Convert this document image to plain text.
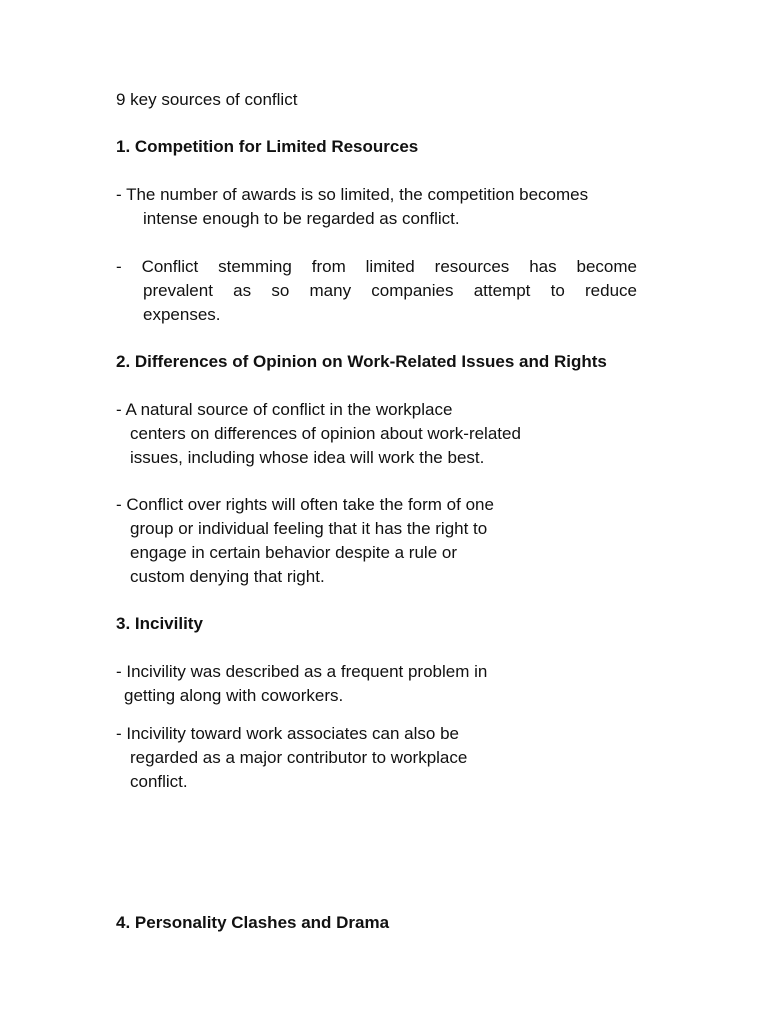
9 key sources of conflict
1. Competition for Limited Resources
- The number of awards is so limited, the competition becomes
intense enough to be regarded as conflict.
- Conflict stemming from limited resources has become
prevalent as so many companies attempt to reduce
expenses.
2. Differences of Opinion on Work-Related Issues and Rights
- A natural source of conflict in the workplace
centers on differences of opinion about work-related
issues, including whose idea will work the best.
- Conflict over rights will often take the form of one
group or individual feeling that it has the right to
engage in certain behavior despite a rule or
custom denying that right.
3. Incivility
- Incivility was described as a frequent problem in
getting along with coworkers.
- Incivility toward work associates can also be
regarded as a major contributor to workplace
conflict.
4. Personality Clashes and Drama
